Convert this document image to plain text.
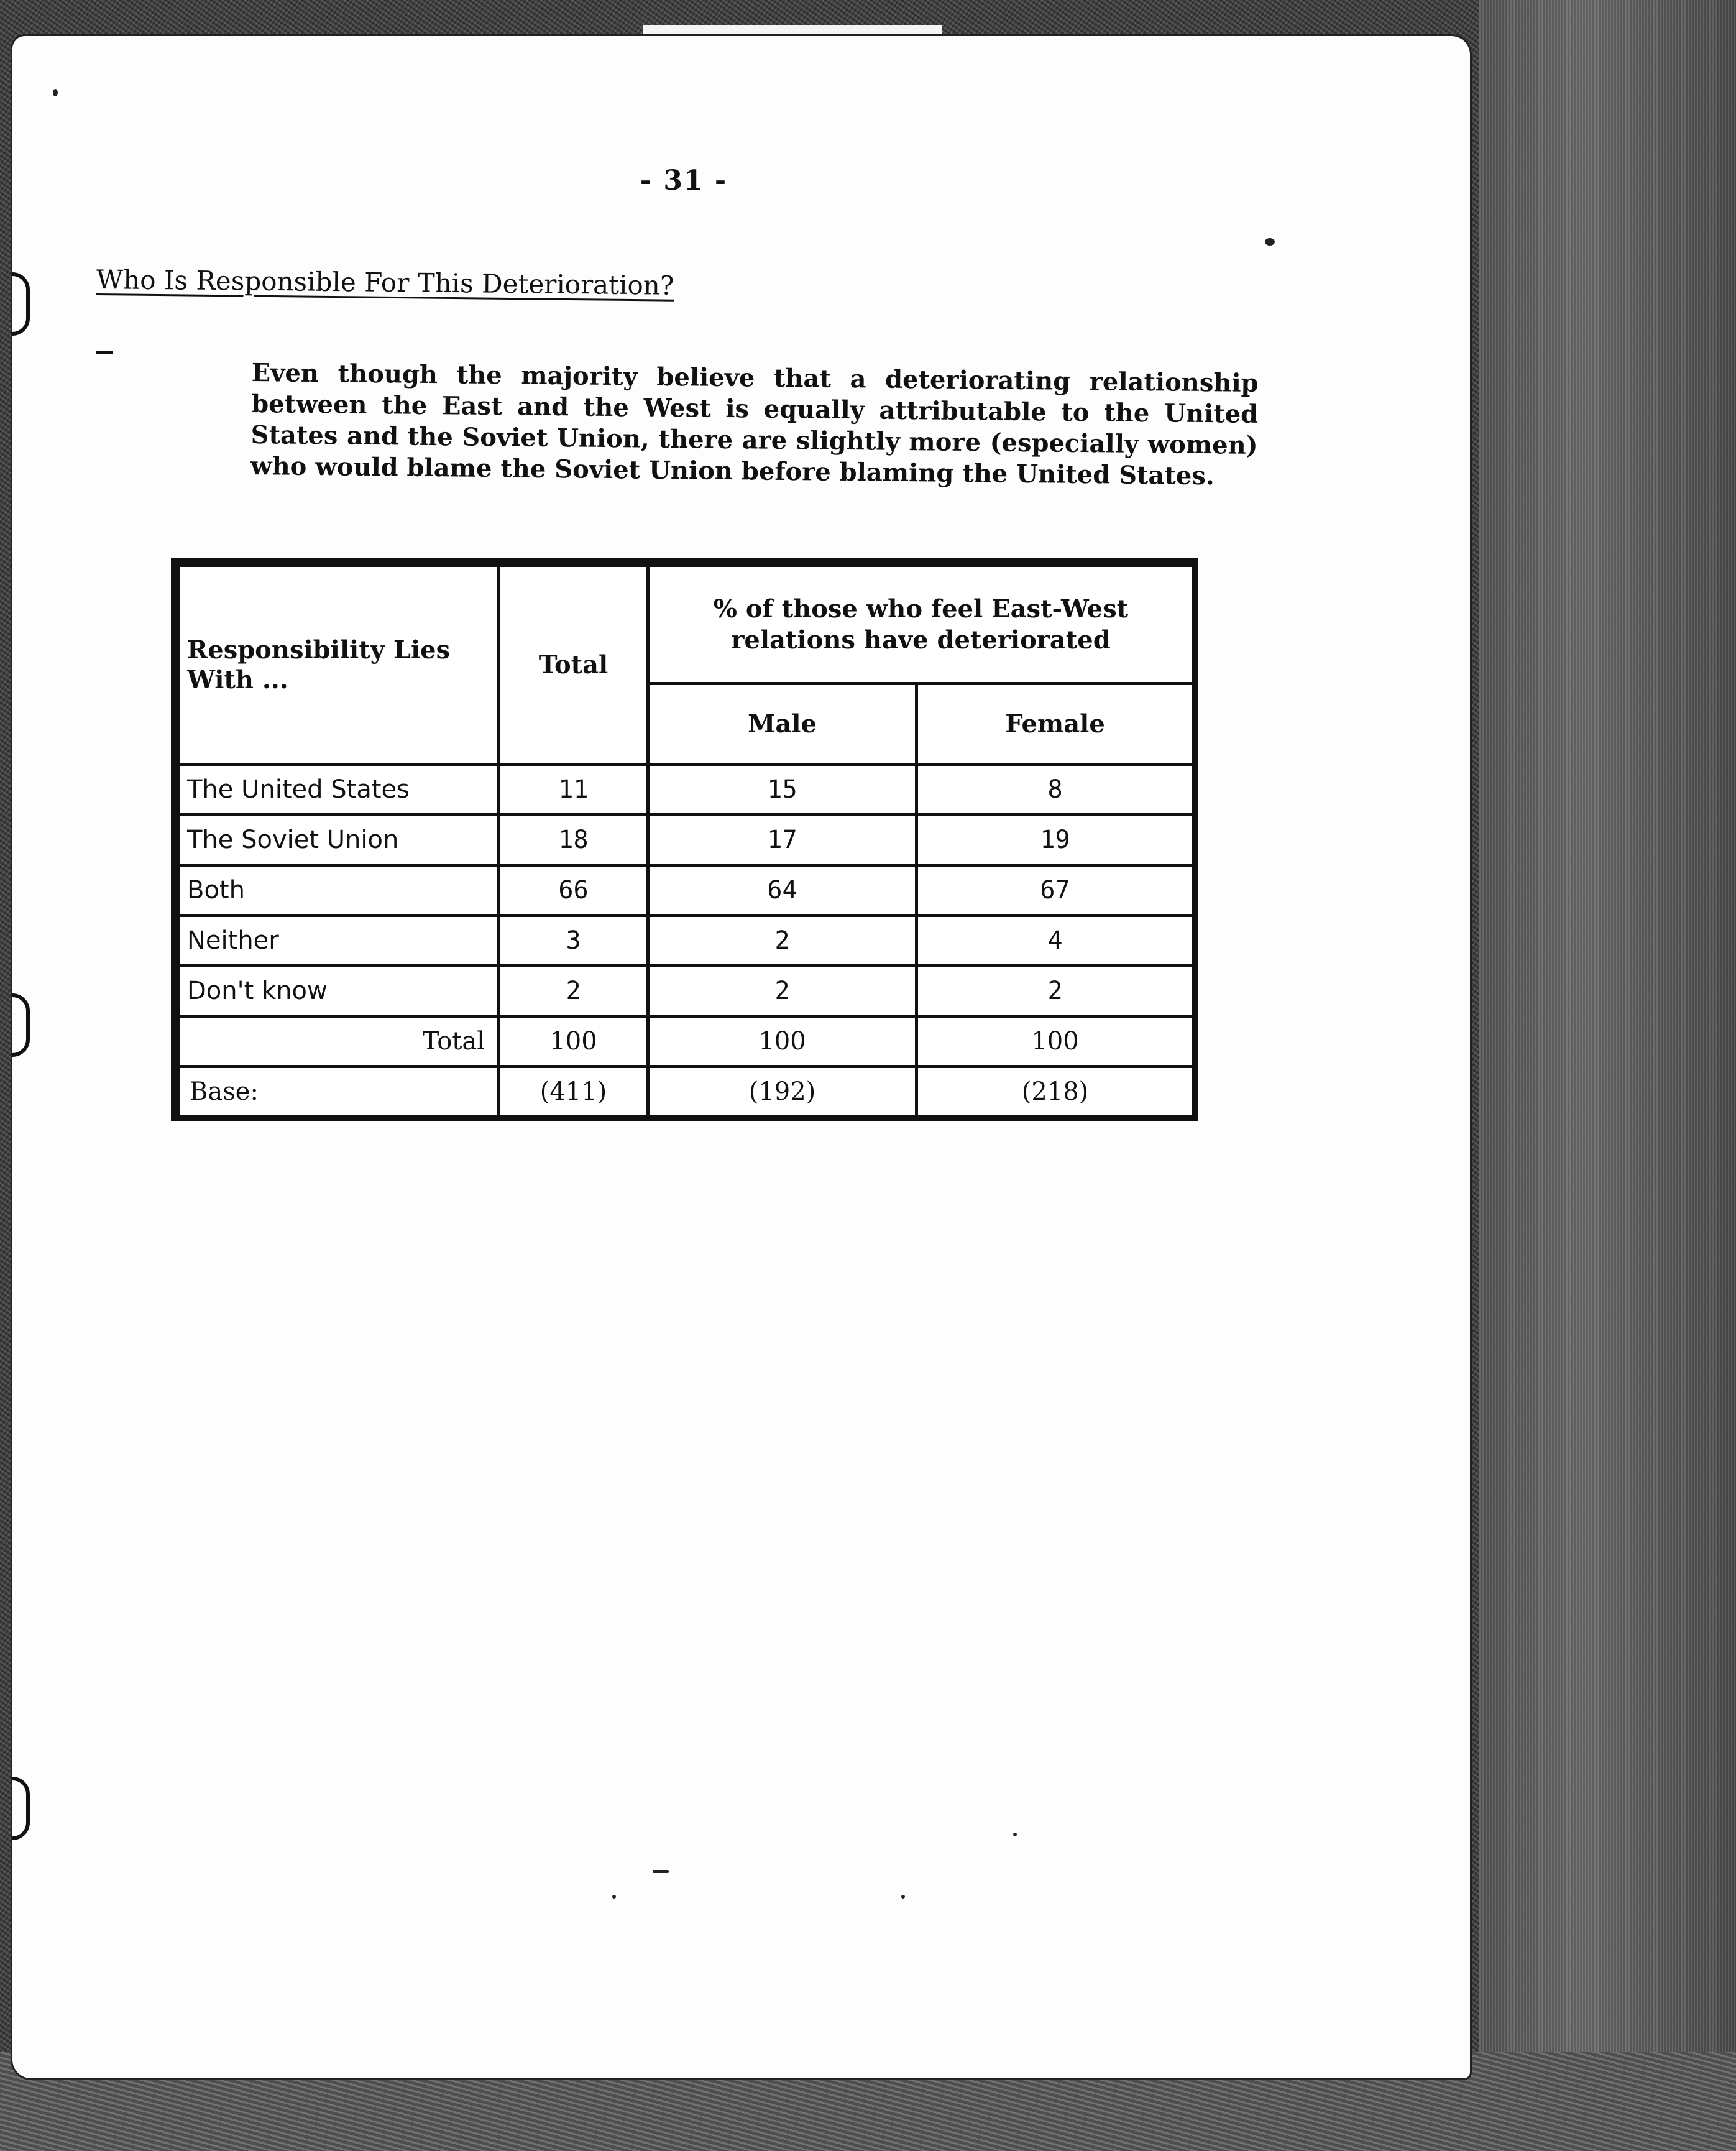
- 31 -
Who Is Responsible For This Deterioration?
Even though the majority believe that a deteriorating relationship between the East and the West is equally attributable to the United States and the Soviet Union, there are slightly more (especially women) who would blame the Soviet Union before blaming the United States.
Responsibility Lies With ...	Total	% of those who feel East-West relations have deteriorated	
		Male	Female
The United States	11	15	8
The Soviet Union	18	17	19
Both	66	64	67
Neither	3	2	4
Don't know	2	2	2
Total	100	100	100
Base:	(411)	(192)	(218)
